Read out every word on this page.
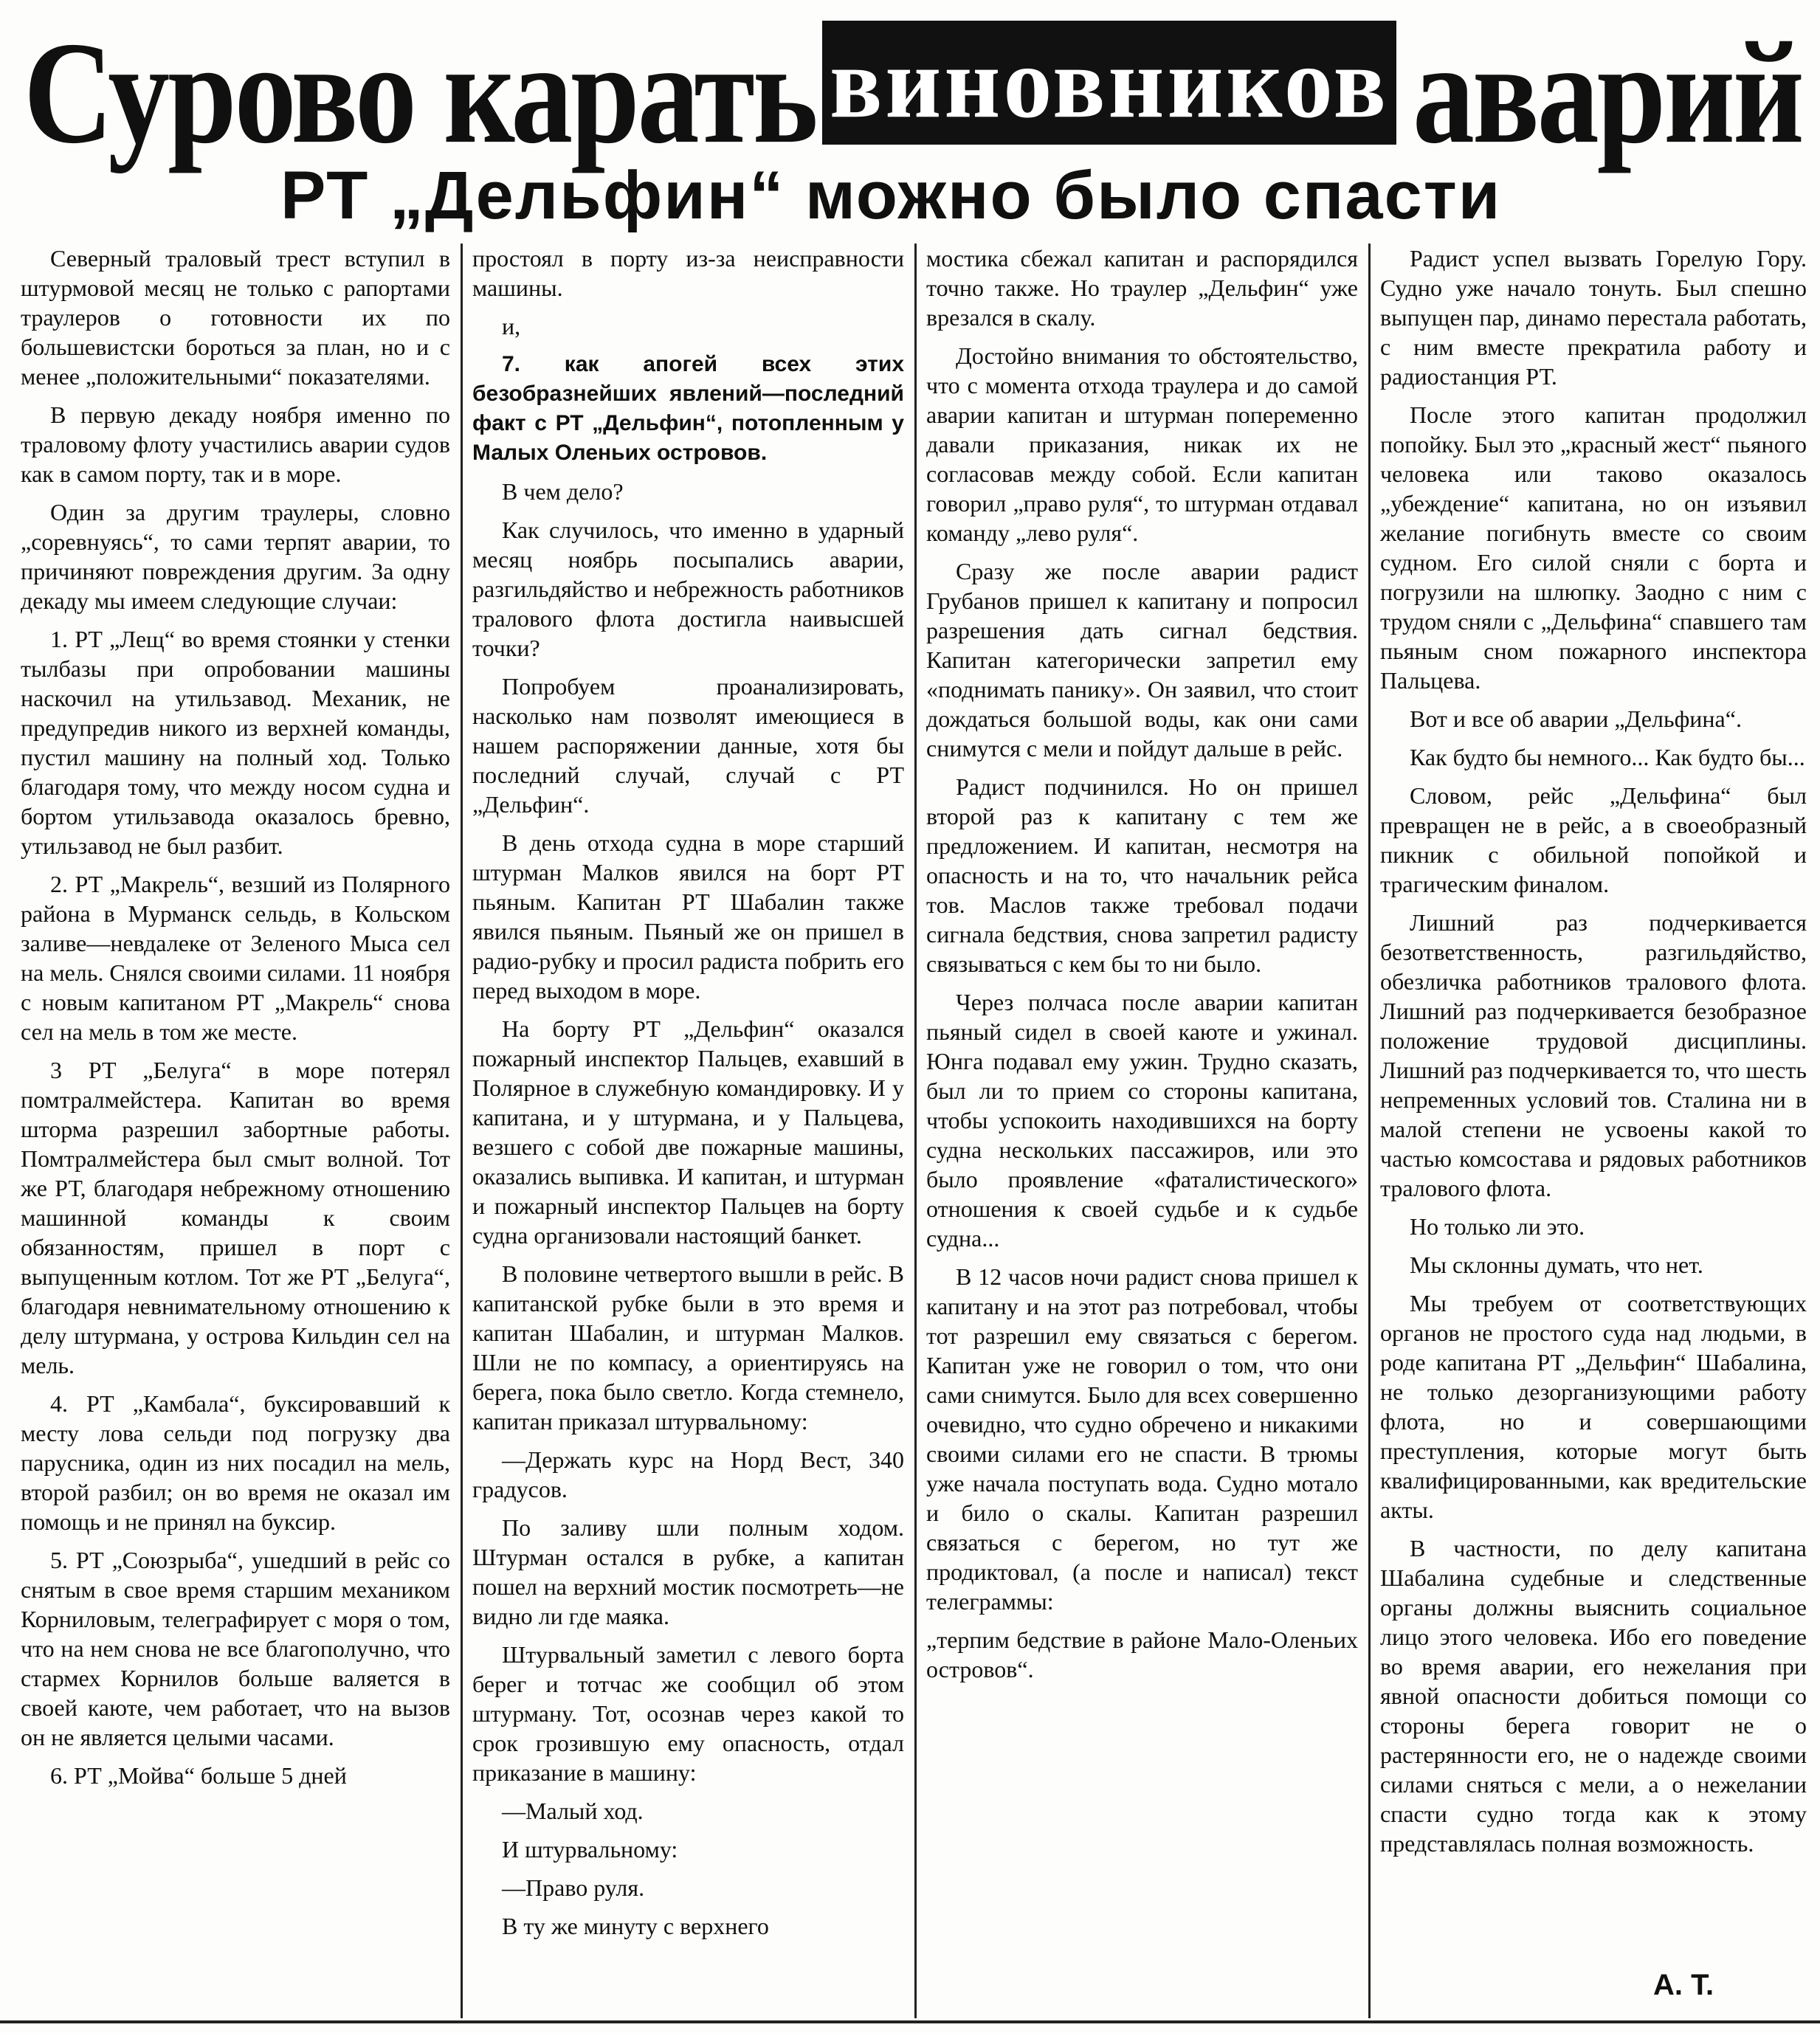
Сурово карать виновников аварий
РТ „Дельфин“ можно было спасти

Северный траловый трест вступил в штурмовой месяц не только с рапортами траулеров о готовности их по большевистски бороться за план, но и с менее „положительными“ показателями.

В первую декаду ноября именно по траловому флоту участились аварии судов как в самом порту, так и в море.

Один за другим траулеры, словно „соревнуясь“, то сами терпят аварии, то причиняют повреждения другим. За одну декаду мы имеем следующие случаи:

1. РТ „Лещ“ во время стоянки у стенки тылбазы при опробовании машины наскочил на утильзавод. Механик, не предупредив никого из верхней команды, пустил машину на полный ход. Только благодаря тому, что между носом судна и бортом утильзавода оказалось бревно, утильзавод не был разбит.

2. РТ „Макрель“, везший из Полярного района в Мурманск сельдь, в Кольском заливе—невдалеке от Зеленого Мыса сел на мель. Снялся своими силами. 11 ноября с новым капитаном РТ „Макрель“ снова сел на мель в том же месте.

3 РТ „Белуга“ в море потерял помтралмейстера. Капитан во время шторма разрешил забортные работы. Помтралмейстера был смыт волной. Тот же РТ, благодаря небрежному отношению машинной команды к своим обязанностям, пришел в порт с выпущенным котлом. Тот же РТ „Белуга“, благодаря невнимательному отношению к делу штурмана, у острова Кильдин сел на мель.

4. РТ „Камбала“, буксировавший к месту лова сельди под погрузку два парусника, один из них посадил на мель, второй разбил; он во время не оказал им помощь и не принял на буксир.

5. РТ „Союзрыба“, ушедший в рейс со снятым в свое время старшим механиком Корниловым, телеграфирует с моря о том, что на нем снова не все благополучно, что стармех Корнилов больше валяется в своей каюте, чем работает, что на вызов он не является целыми часами.

6. РТ „Мойва“ больше 5 дней

простоял в порту из-за неисправности машины.

и,

7. как апогей всех этих безобразнейших явлений—последний факт с РТ „Дельфин“, потопленным у Малых Оленьих островов.

В чем дело?

Как случилось, что именно в ударный месяц ноябрь посыпались аварии, разгильдяйство и небрежность работников тралового флота достигла наивысшей точки?

Попробуем проанализировать, насколько нам позволят имеющиеся в нашем распоряжении данные, хотя бы последний случай, случай с РТ „Дельфин“.

В день отхода судна в море старший штурман Малков явился на борт РТ пьяным. Капитан РТ Шабалин также явился пьяным. Пьяный же он пришел в радио-рубку и просил радиста побрить его перед выходом в море.

На борту РТ „Дельфин“ оказался пожарный инспектор Пальцев, ехавший в Полярное в служебную командировку. И у капитана, и у штурмана, и у Пальцева, везшего с собой две пожарные машины, оказались выпивка. И капитан, и штурман и пожарный инспектор Пальцев на борту судна организовали настоящий банкет.

В половине четвертого вышли в рейс. В капитанской рубке были в это время и капитан Шабалин, и штурман Малков. Шли не по компасу, а ориентируясь на берега, пока было светло. Когда стемнело, капитан приказал штурвальному:

—Держать курс на Норд Вест, 340 градусов.

По заливу шли полным ходом. Штурман остался в рубке, а капитан пошел на верхний мостик посмотреть—не видно ли где маяка.

Штурвальный заметил с левого борта берег и тотчас же сообщил об этом штурману. Тот, осознав через какой то срок грозившую ему опасность, отдал приказание в машину:

—Малый ход.

И штурвальному:

—Право руля.

В ту же минуту с верхнего

мостика сбежал капитан и распорядился точно также. Но траулер „Дельфин“ уже врезался в скалу.

Достойно внимания то обстоятельство, что с момента отхода траулера и до самой аварии капитан и штурман попеременно давали приказания, никак их не согласовав между собой. Если капитан говорил „право руля“, то штурман отдавал команду „лево руля“.

Сразу же после аварии радист Грубанов пришел к капитану и попросил разрешения дать сигнал бедствия. Капитан категорически запретил ему «поднимать панику». Он заявил, что стоит дождаться большой воды, как они сами снимутся с мели и пойдут дальше в рейс.

Радист подчинился. Но он пришел второй раз к капитану с тем же предложением. И капитан, несмотря на опасность и на то, что начальник рейса тов. Маслов также требовал подачи сигнала бедствия, снова запретил радисту связываться с кем бы то ни было.

Через полчаса после аварии капитан пьяный сидел в своей каюте и ужинал. Юнга подавал ему ужин. Трудно сказать, был ли то прием со стороны капитана, чтобы успокоить находившихся на борту судна нескольких пассажиров, или это было проявление «фаталистического» отношения к своей судьбе и к судьбе судна...

В 12 часов ночи радист снова пришел к капитану и на этот раз потребовал, чтобы тот разрешил ему связаться с берегом. Капитан уже не говорил о том, что они сами снимутся. Было для всех совершенно очевидно, что судно обречено и никакими своими силами его не спасти. В трюмы уже начала поступать вода. Судно мотало и било о скалы. Капитан разрешил связаться с берегом, но тут же продиктовал, (а после и написал) текст телеграммы:

„терпим бедствие в районе Мало-Оленьих островов“.

Радист успел вызвать Горелую Гору. Судно уже начало тонуть. Был спешно выпущен пар, динамо перестала работать, с ним вместе прекратила работу и радиостанция РТ.

После этого капитан продолжил попойку. Был это „красный жест“ пьяного человека или таково оказалось „убеждение“ капитана, но он изъявил желание погибнуть вместе со своим судном. Его силой сняли с борта и погрузили на шлюпку. Заодно с ним с трудом сняли с „Дельфина“ спавшего там пьяным сном пожарного инспектора Пальцева.

Вот и все об аварии „Дельфина“.

Как будто бы немного... Как будто бы...

Словом, рейс „Дельфина“ был превращен не в рейс, а в своеобразный пикник с обильной попойкой и трагическим финалом.

Лишний раз подчеркивается безответственность, разгильдяйство, обезличка работников тралового флота. Лишний раз подчеркивается безобразное положение трудовой дисциплины. Лишний раз подчеркивается то, что шесть непременных условий тов. Сталина ни в малой степени не усвоены какой то частью комсостава и рядовых работников тралового флота.

Но только ли это.

Мы склонны думать, что нет.

Мы требуем от соответствующих органов не простого суда над людьми, в роде капитана РТ „Дельфин“ Шабалина, не только дезорганизующими работу флота, но и совершающими преступления, которые могут быть квалифицированными, как вредительские акты.

В частности, по делу капитана Шабалина судебные и следственные органы должны выяснить социальное лицо этого человека. Ибо его поведение во время аварии, его нежелания при явной опасности добиться помощи со стороны берега говорит не о растерянности его, не о надежде своими силами сняться с мели, а о нежелании спасти судно тогда как к этому представлялась полная возможность.

А. Т.
